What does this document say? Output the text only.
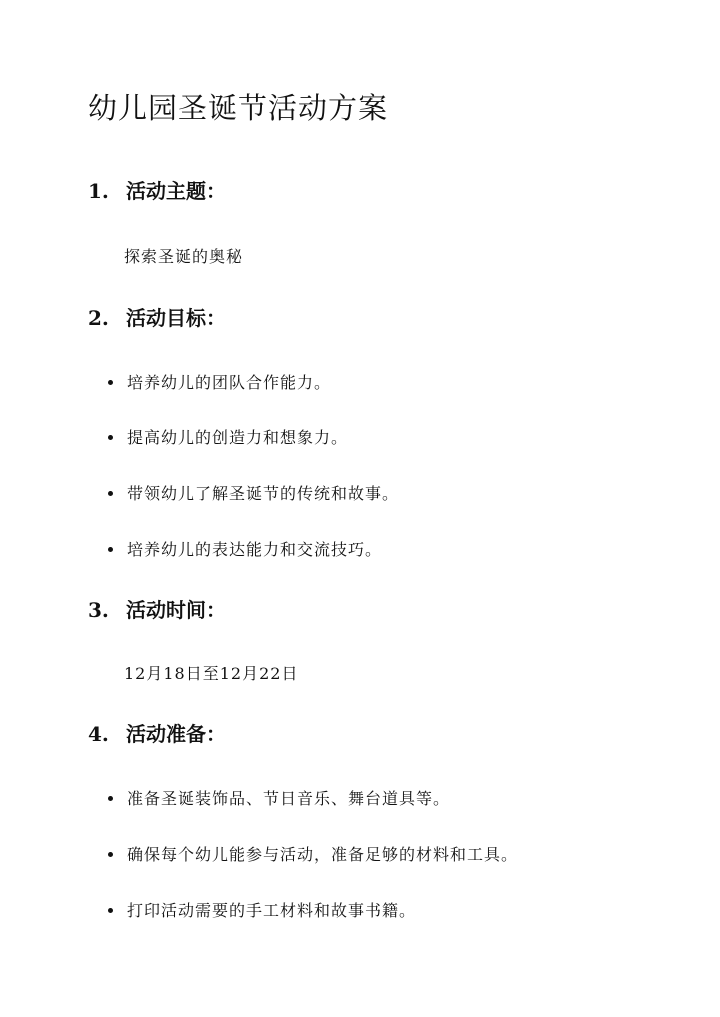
幼儿园圣诞节活动方案
1. 活动主题：

探索圣诞的奥秘

2. 活动目标：

培养幼儿的团队合作能力。

提高幼儿的创造力和想象力。

带领幼儿了解圣诞节的传统和故事。

培养幼儿的表达能力和交流技巧。

3. 活动时间：

12月18日至12月22日

4. 活动准备：

准备圣诞装饰品、节日音乐、舞台道具等。

确保每个幼儿能参与活动，准备足够的材料和工具。

打印活动需要的手工材料和故事书籍。
